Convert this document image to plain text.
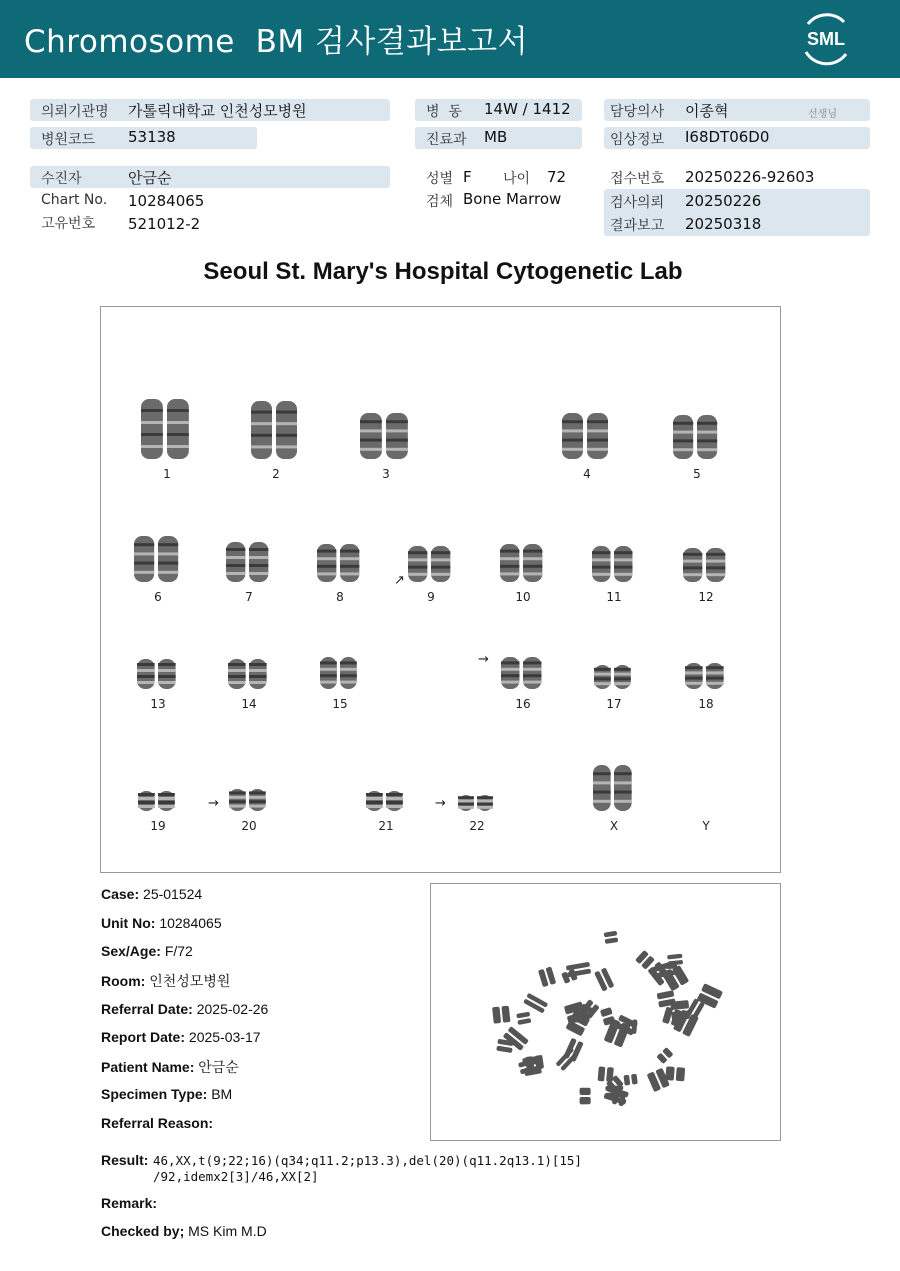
Chromosome  BM 검사결과보고서	SML
의뢰기관명 가톨릭대학교 인천성모병원
병원코드 53138
수진자	안금순
Chart No. 10284065
고유번호 521012-2
병  동 14W / 1412
진료과 MB
성별 F 나이 72
검체 Bone Marrow
담당의사 이종혁	선생님
임상정보 I68DT06D0
접수번호 20250226-92603
검사의뢰 20250226
결과보고 20250318
Seoul St. Mary's Hospital Cytogenetic Lab
↗
→
→	→
1	2	3	4	5
6	7	8	9	10	11	12
13	14	15	16	17	18
19	20	21	22	X	Y
Case: 25-01524
Unit No: 10284065
Sex/Age: F/72
Room: 인천성모병원
Referral Date: 2025-02-26
Report Date: 2025-03-17
Patient Name: 안금순
Specimen Type: BM
Referral Reason:
Result: 46,XX,t(9;22;16)(q34;q11.2;p13.3),del(20)(q11.2q13.1)[15]
/92,idemx2[3]/46,XX[2]
Remark:
Checked by; MS Kim M.D
